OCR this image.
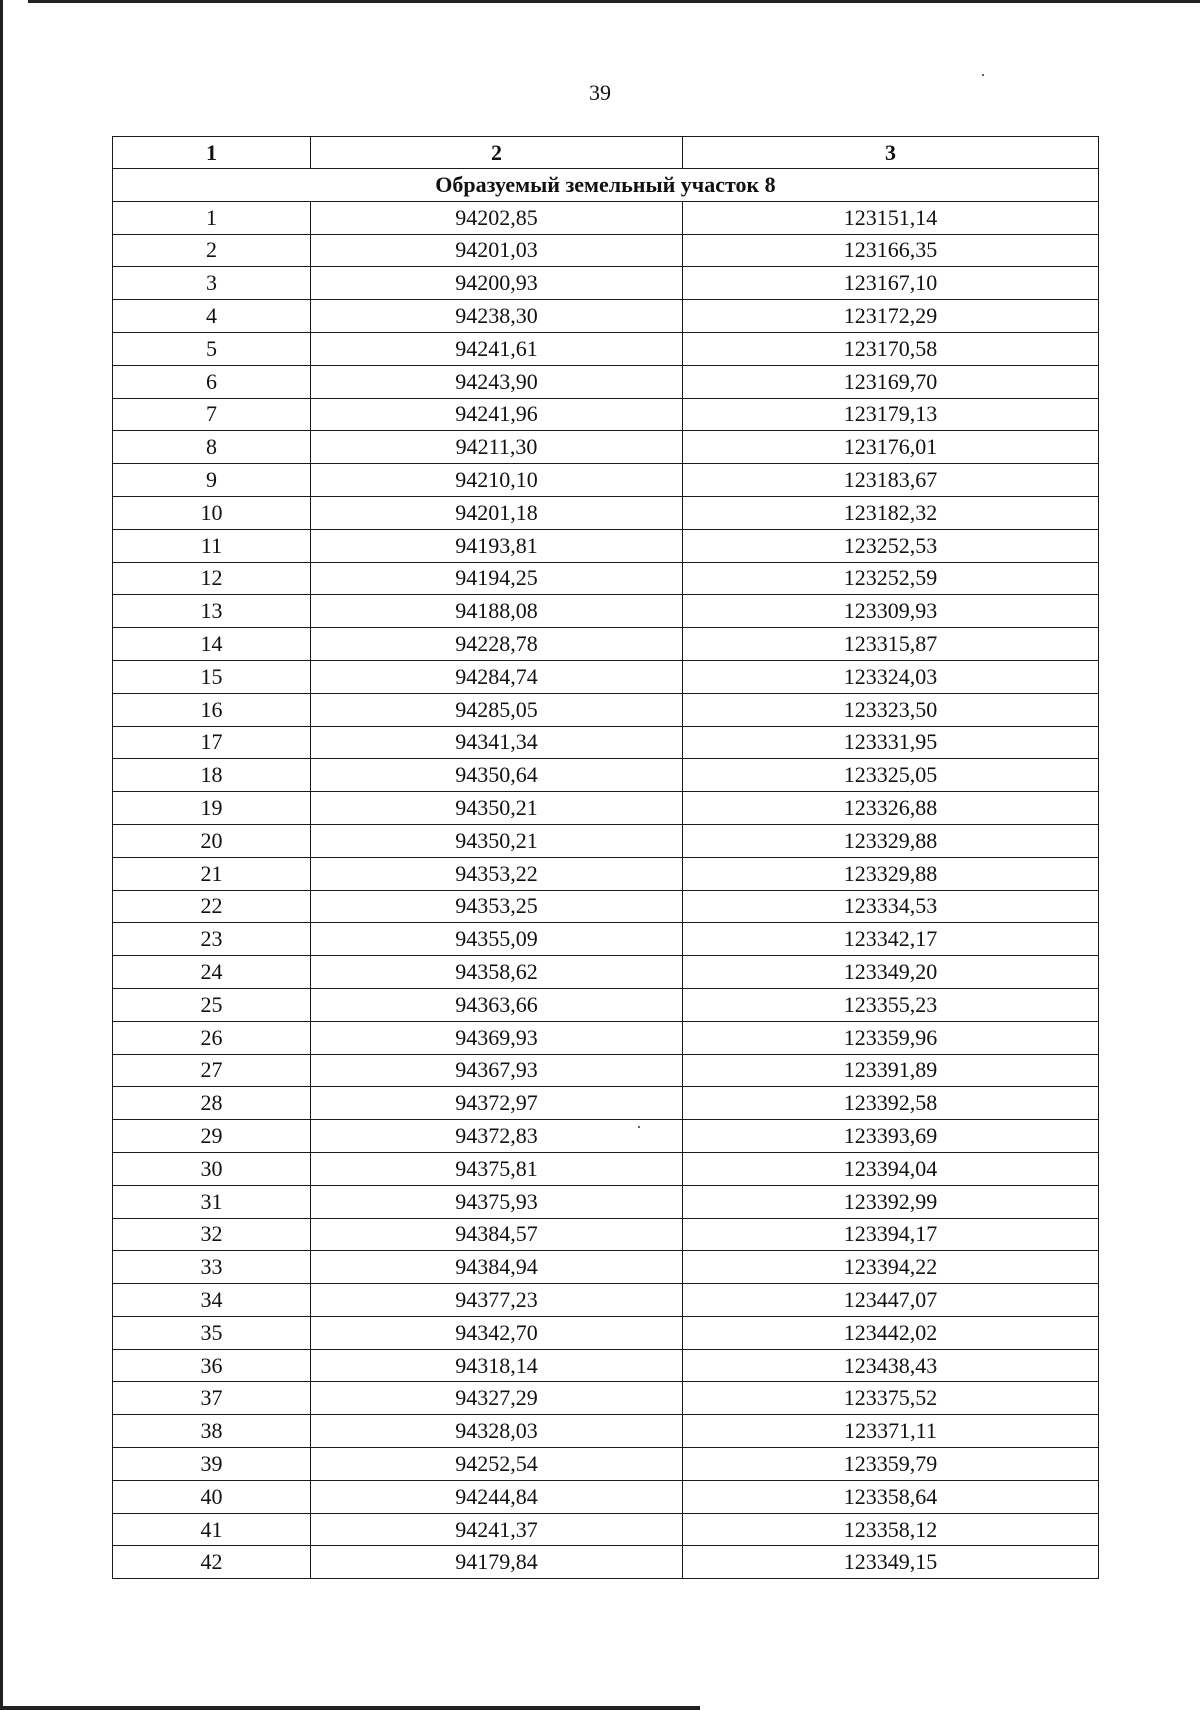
39
1	2	3
Образуемый земельный участок 8		
1	94202,85	123151,14
2	94201,03	123166,35
3	94200,93	123167,10
4	94238,30	123172,29
5	94241,61	123170,58
6	94243,90	123169,70
7	94241,96	123179,13
8	94211,30	123176,01
9	94210,10	123183,67
10	94201,18	123182,32
11	94193,81	123252,53
12	94194,25	123252,59
13	94188,08	123309,93
14	94228,78	123315,87
15	94284,74	123324,03
16	94285,05	123323,50
17	94341,34	123331,95
18	94350,64	123325,05
19	94350,21	123326,88
20	94350,21	123329,88
21	94353,22	123329,88
22	94353,25	123334,53
23	94355,09	123342,17
24	94358,62	123349,20
25	94363,66	123355,23
26	94369,93	123359,96
27	94367,93	123391,89
28	94372,97	123392,58
29	94372,83	123393,69
30	94375,81	123394,04
31	94375,93	123392,99
32	94384,57	123394,17
33	94384,94	123394,22
34	94377,23	123447,07
35	94342,70	123442,02
36	94318,14	123438,43
37	94327,29	123375,52
38	94328,03	123371,11
39	94252,54	123359,79
40	94244,84	123358,64
41	94241,37	123358,12
42	94179,84	123349,15
